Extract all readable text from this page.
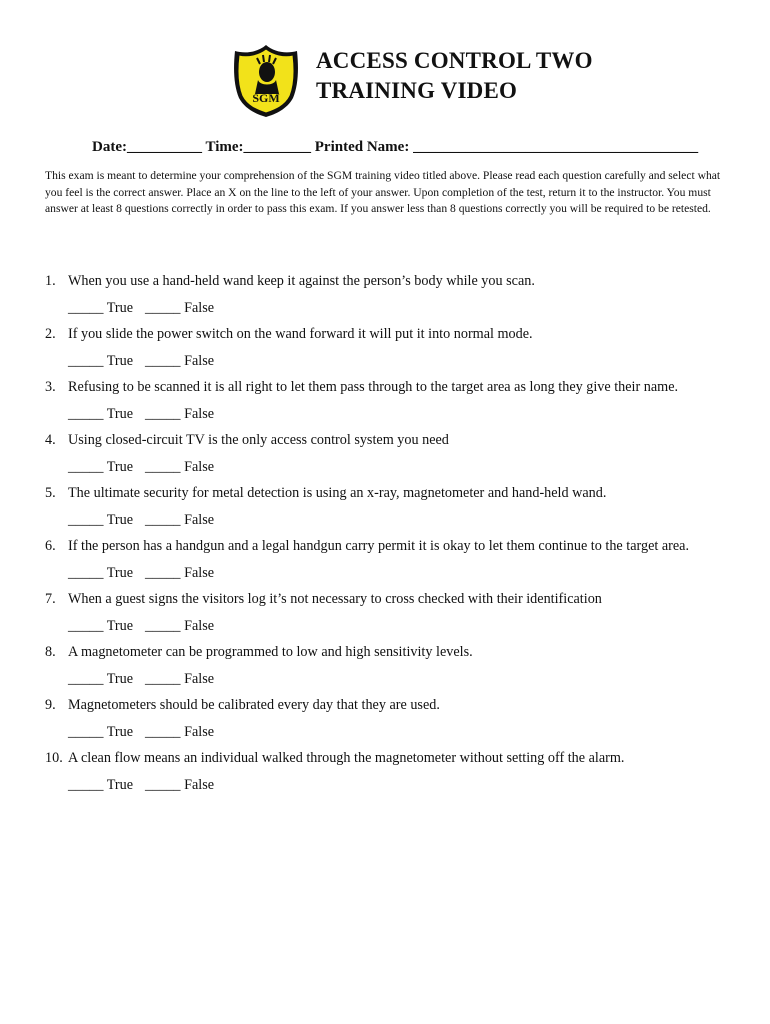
SGM
ACCESS CONTROL TWO
TRAINING VIDEO
Date:__________ Time:_________ Printed Name: ______________________________________
This exam is meant to determine your comprehension of the SGM training video titled above. Please read each question carefully and select what you feel is the correct answer. Place an X on the line to the left of your answer. Upon completion of the test, return it to the instructor. You must answer at least 8 questions correctly in order to pass this exam. If you answer less than 8 questions correctly you will be required to be retested.
1. When you use a hand-held wand keep it against the person’s body while you scan.
_____ True _____ False
2. If you slide the power switch on the wand forward it will put it into normal mode.
_____ True _____ False
3. Refusing to be scanned it is all right to let them pass through to the target area as long they give their name.
_____ True _____ False
4. Using closed-circuit TV is the only access control system you need
_____ True _____ False
5. The ultimate security for metal detection is using an x-ray, magnetometer and hand-held wand.
_____ True _____ False
6. If the person has a handgun and a legal handgun carry permit it is okay to let them continue to the target area.
_____ True _____ False
7. When a guest signs the visitors log it’s not necessary to cross checked with their identification
_____ True _____ False
8. A magnetometer can be programmed to low and high sensitivity levels.
_____ True _____ False
9. Magnetometers should be calibrated every day that they are used.
_____ True _____ False
10. A clean flow means an individual walked through the magnetometer without setting off the alarm.
_____ True _____ False
